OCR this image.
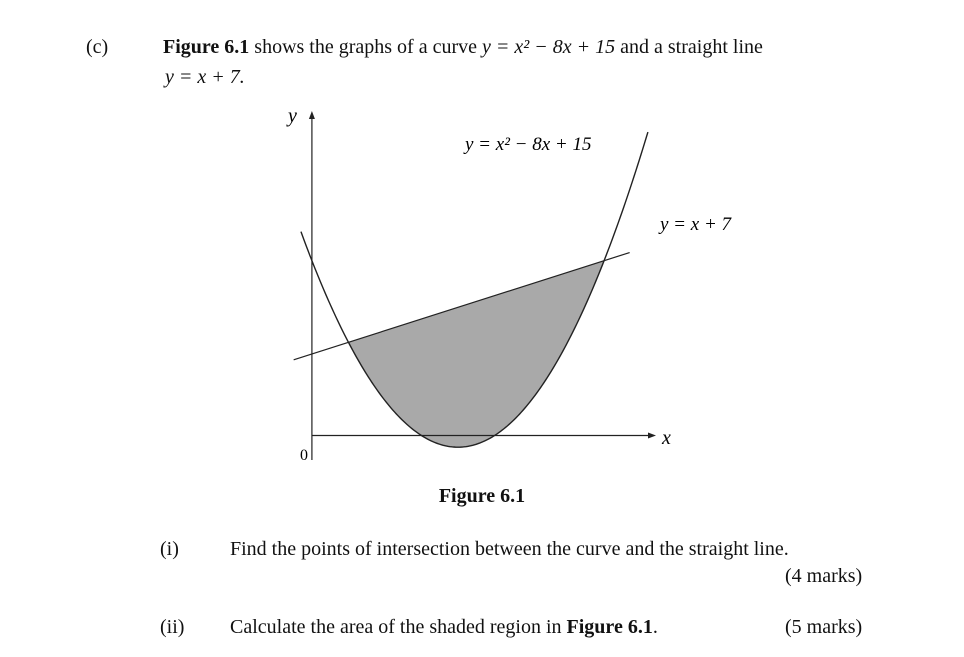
(c)	Figure 6.1 shows the graphs of a curve y = x² − 8x + 15 and a straight line
y = x + 7.
y
x
0
y = x² − 8x + 15
y = x + 7
Figure 6.1
(i)	Find the points of intersection between the curve and the straight line.
(4 marks)
(ii) Calculate the area of the shaded region in Figure 6.1.	(5 marks)
